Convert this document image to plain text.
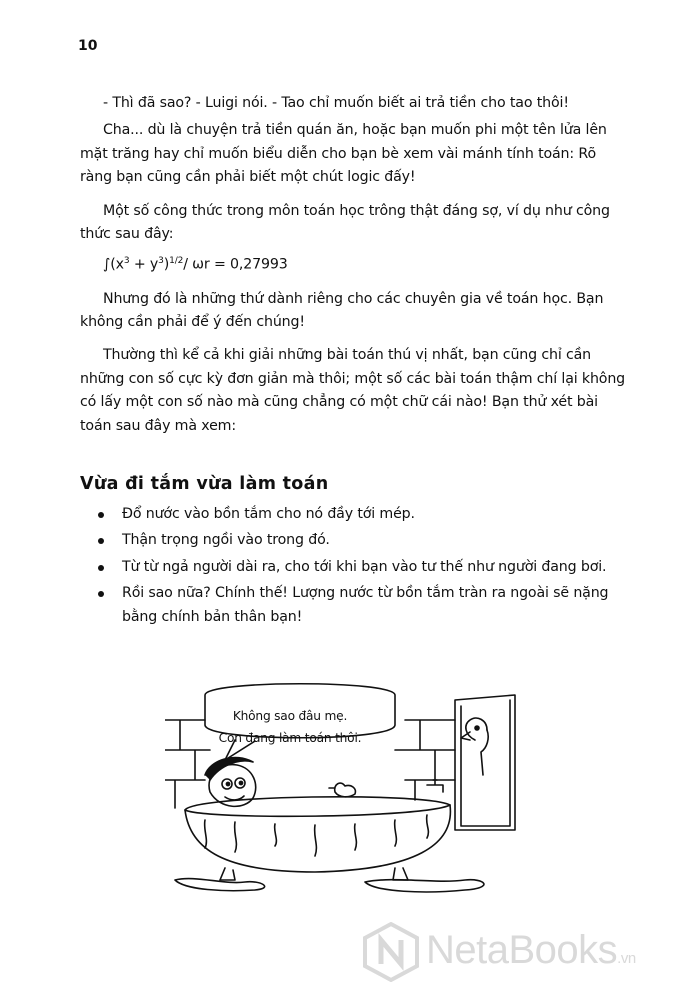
10

- Thì đã sao? - Luigi nói. - Tao chỉ muốn biết ai trả tiền cho tao thôi!

Cha... dù là chuyện trả tiền quán ăn, hoặc bạn muốn phi một tên lửa lên mặt trăng hay chỉ muốn biểu diễn cho bạn bè xem vài mánh tính toán: Rõ ràng bạn cũng cần phải biết một chút logic đấy!

Một số công thức trong môn toán học trông thật đáng sợ, ví dụ như công thức sau đây:

$\int(x^3 + y^3)^{1/2}/$ ωr = 0,27993

Nhưng đó là những thứ dành riêng cho các chuyên gia về toán học. Bạn không cần phải để ý đến chúng!

Thường thì kể cả khi giải những bài toán thú vị nhất, bạn cũng chỉ cần những con số cực kỳ đơn giản mà thôi; một số các bài toán thậm chí lại không có lấy một con số nào mà cũng chẳng có một chữ cái nào! Bạn thử xét bài toán sau đây mà xem:

Vừa đi tắm vừa làm toán
Đổ nước vào bồn tắm cho nó đầy tới mép.
Thận trọng ngồi vào trong đó.
Từ từ ngả người dài ra, cho tới khi bạn vào tư thế như người đang bơi.
Rồi sao nữa? Chính thế! Lượng nước từ bồn tắm tràn ra ngoài sẽ nặng bằng chính bản thân bạn!
Không sao đâu mẹ.
Con đang làm toán thôi.
NetaBooks.vn
